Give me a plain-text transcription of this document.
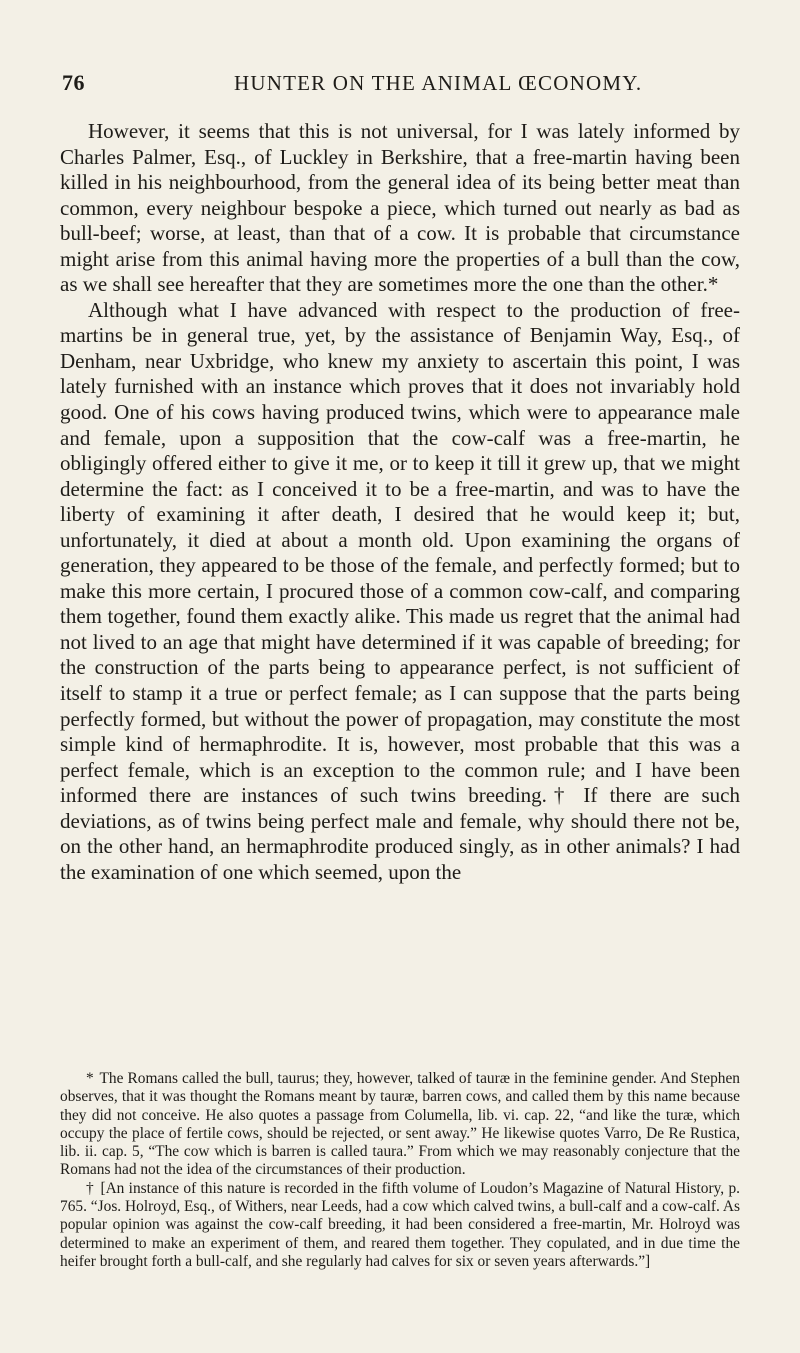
76	HUNTER ON THE ANIMAL ŒCONOMY.

However, it seems that this is not universal, for I was lately informed by Charles Palmer, Esq., of Luckley in Berkshire, that a free-martin having been killed in his neighbourhood, from the general idea of its being better meat than common, every neighbour bespoke a piece, which turned out nearly as bad as bull-beef; worse, at least, than that of a cow. It is probable that circumstance might arise from this animal having more the properties of a bull than the cow, as we shall see hereafter that they are sometimes more the one than the other.*

Although what I have advanced with respect to the production of free-martins be in general true, yet, by the assistance of Benjamin Way, Esq., of Denham, near Uxbridge, who knew my anxiety to ascertain this point, I was lately furnished with an instance which proves that it does not invariably hold good. One of his cows having produced twins, which were to appearance male and female, upon a supposition that the cow-calf was a free-martin, he obligingly offered either to give it me, or to keep it till it grew up, that we might determine the fact: as I conceived it to be a free-martin, and was to have the liberty of examining it after death, I desired that he would keep it; but, unfortunately, it died at about a month old. Upon examining the organs of generation, they appeared to be those of the female, and perfectly formed; but to make this more certain, I procured those of a common cow-calf, and comparing them together, found them exactly alike. This made us regret that the animal had not lived to an age that might have determined if it was capable of breeding; for the construction of the parts being to appearance perfect, is not sufficient of itself to stamp it a true or perfect female; as I can suppose that the parts being perfectly formed, but without the power of propagation, may constitute the most simple kind of hermaphrodite. It is, however, most probable that this was a perfect female, which is an exception to the common rule; and I have been informed there are instances of such twins breeding.† If there are such deviations, as of twins being perfect male and female, why should there not be, on the other hand, an hermaphrodite produced singly, as in other animals? I had the examination of one which seemed, upon the

* The Romans called the bull, taurus; they, however, talked of tauræ in the feminine gender. And Stephen observes, that it was thought the Romans meant by tauræ, barren cows, and called them by this name because they did not conceive. He also quotes a passage from Columella, lib. vi. cap. 22, “and like the turæ, which occupy the place of fertile cows, should be rejected, or sent away.” He likewise quotes Varro, De Re Rustica, lib. ii. cap. 5, “The cow which is barren is called taura.” From which we may reasonably conjecture that the Romans had not the idea of the circumstances of their production.

† [An instance of this nature is recorded in the fifth volume of Loudon’s Magazine of Natural History, p. 765. “Jos. Holroyd, Esq., of Withers, near Leeds, had a cow which calved twins, a bull-calf and a cow-calf. As popular opinion was against the cow-calf breeding, it had been considered a free-martin, Mr. Holroyd was determined to make an experiment of them, and reared them together. They copulated, and in due time the heifer brought forth a bull-calf, and she regularly had calves for six or seven years afterwards.”]
